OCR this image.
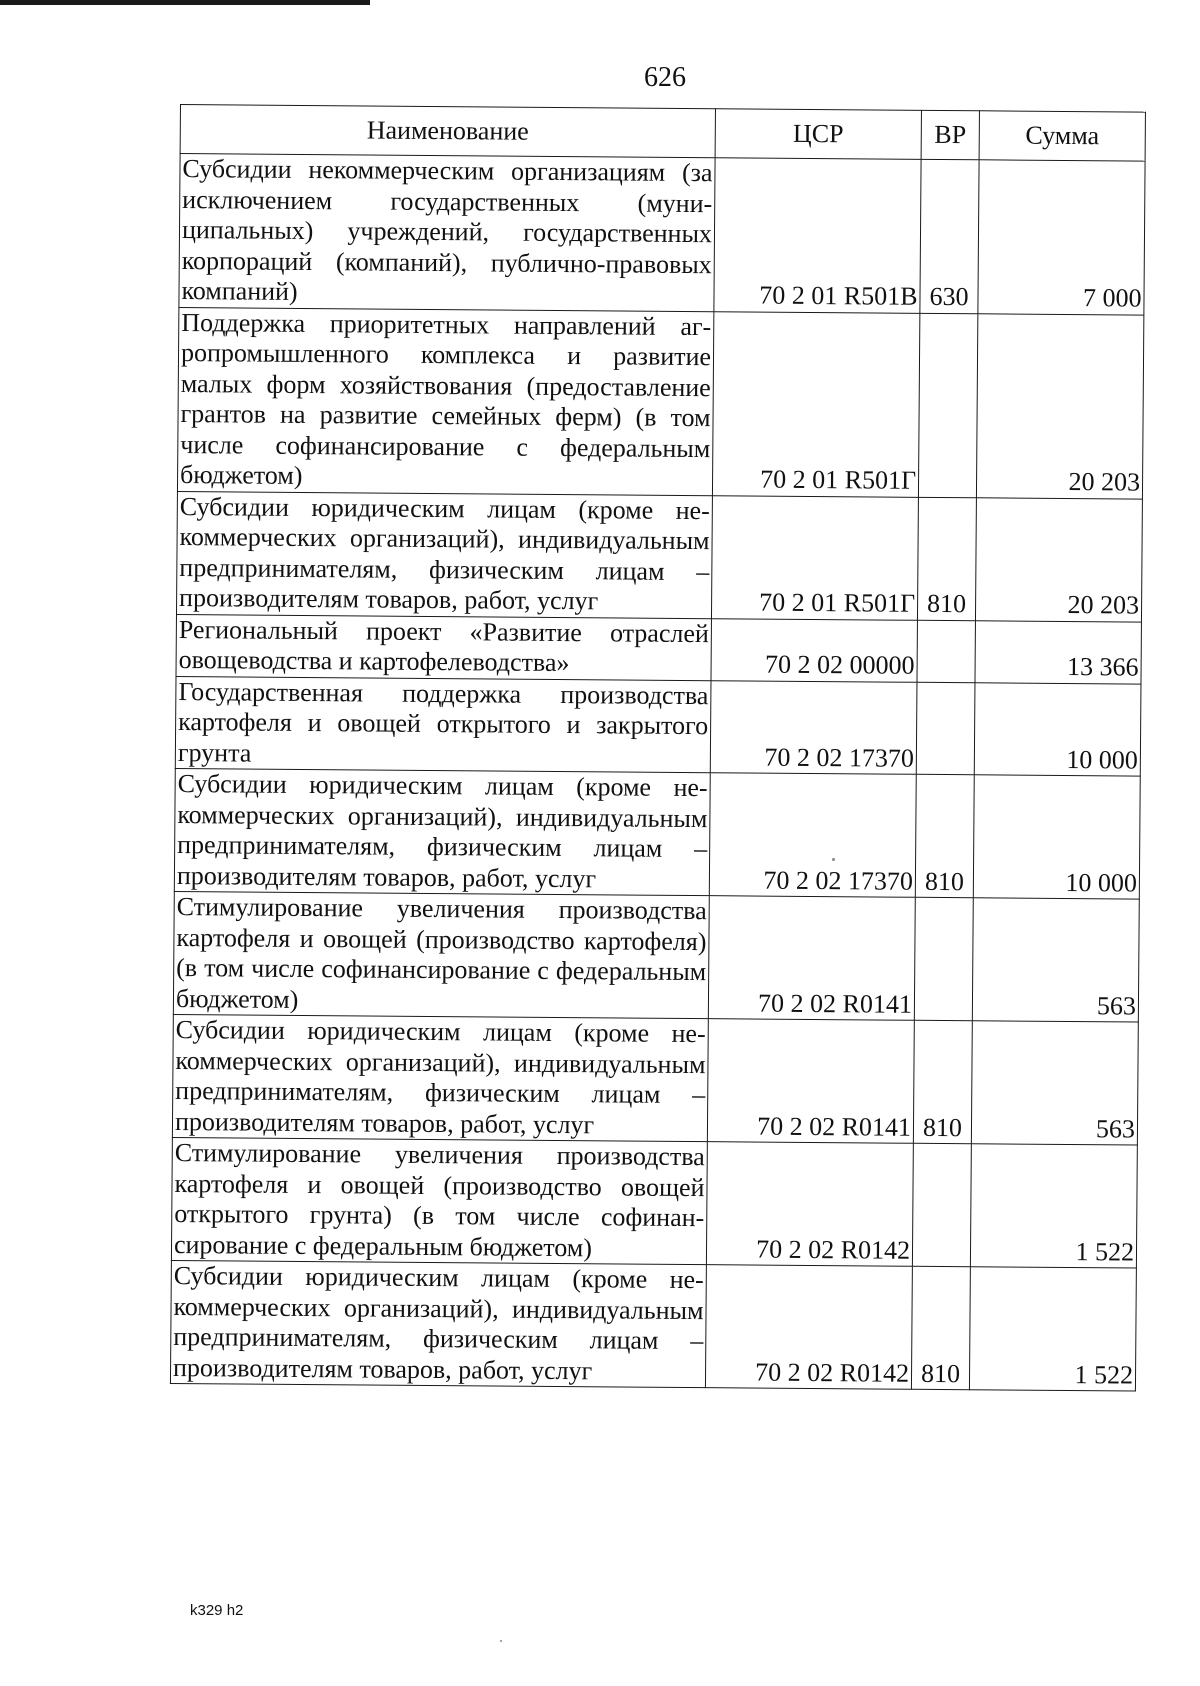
626
Наименование	ЦСР	ВР	Сумма
Субсидии некоммерческим организациям (за исключением государственных (муниципальных) учреждений, государственных корпораций (компаний), публично-правовых компаний)	70 2 01 R501В	630	7 000
Поддержка приоритетных направлений агропромышленного комплекса и развитие малых форм хозяйствования (предоставление грантов на развитие семейных ферм) (в том числе софинансирование с федеральным бюджетом)	70 2 01 R501Г		20 203
Субсидии юридическим лицам (кроме некоммерческих организаций), индивидуальным предпринимателям, физическим лицам – производителям товаров, работ, услуг	70 2 01 R501Г	810	20 203
Региональный проект «Развитие отраслей овощеводства и картофелеводства»	70 2 02 00000		13 366
Государственная поддержка производства картофеля и овощей открытого и закрытого грунта	70 2 02 17370		10 000
Субсидии юридическим лицам (кроме некоммерческих организаций), индивидуальным предпринимателям, физическим лицам – производителям товаров, работ, услуг	70 2 02 17370	810	10 000
Стимулирование увеличения производства картофеля и овощей (производство картофеля) (в том числе софинансирование с федеральным бюджетом)	70 2 02 R0141		563
Субсидии юридическим лицам (кроме некоммерческих организаций), индивидуальным предпринимателям, физическим лицам – производителям товаров, работ, услуг	70 2 02 R0141	810	563
Стимулирование увеличения производства картофеля и овощей (производство овощей открытого грунта) (в том числе софинансирование с федеральным бюджетом)	70 2 02 R0142		1 522
Субсидии юридическим лицам (кроме некоммерческих организаций), индивидуальным предпринимателям, физическим лицам – производителям товаров, работ, услуг	70 2 02 R0142	810	1 522
k329 h2
